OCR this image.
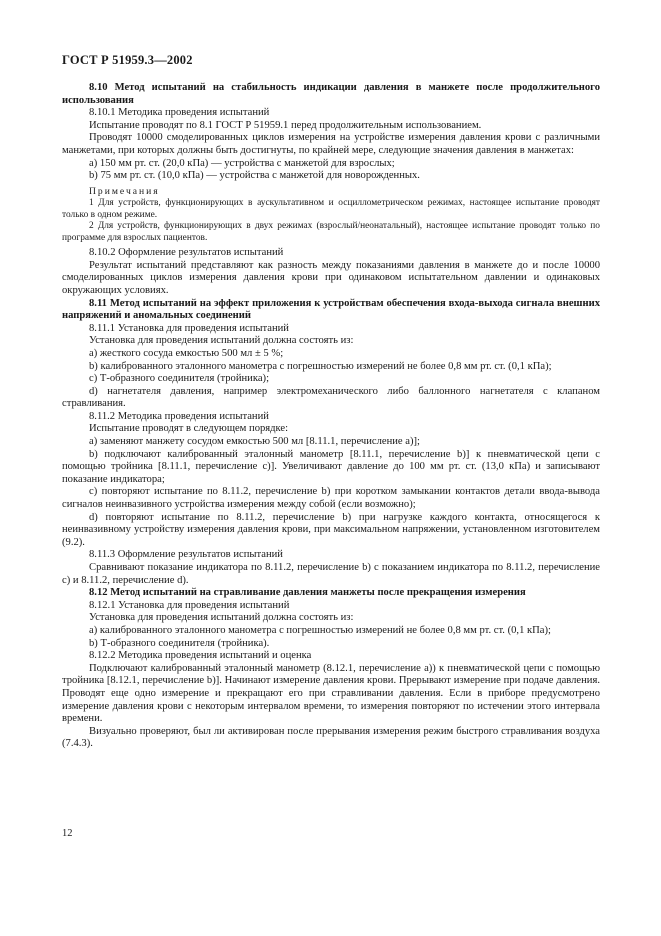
ГОСТ Р 51959.3—2002

8.10 Метод испытаний на стабильность индикации давления в манжете после продолжительного использования

8.10.1 Методика проведения испытаний

Испытание проводят по 8.1 ГОСТ Р 51959.1 перед продолжительным использованием.

Проводят 10000 смоделированных циклов измерения на устройстве измерения давления крови с различными манжетами, при которых должны быть достигнуты, по крайней мере, следующие значения давления в манжетах:

a) 150 мм рт. ст. (20,0 кПа) — устройства с манжетой для взрослых;

b) 75 мм рт. ст. (10,0 кПа) — устройства с манжетой для новорожденных.

Примечания

1 Для устройств, функционирующих в аускультативном и осциллометрическом режимах, настоящее испытание проводят только в одном режиме.

2 Для устройств, функционирующих в двух режимах (взрослый/неонатальный), настоящее испытание проводят только по программе для взрослых пациентов.

8.10.2 Оформление результатов испытаний

Результат испытаний представляют как разность между показаниями давления в манжете до и после 10000 смоделированных циклов измерения давления крови при одинаковом испытательном давлении и одинаковых окружающих условиях.

8.11 Метод испытаний на эффект приложения к устройствам обеспечения входа-выхода сигнала внешних напряжений и аномальных соединений

8.11.1 Установка для проведения испытаний

Установка для проведения испытаний должна состоять из:

a) жесткого сосуда емкостью 500 мл ± 5 %;

b) калиброванного эталонного манометра с погрешностью измерений не более 0,8 мм рт. ст. (0,1 кПа);

c) Т-образного соединителя (тройника);

d) нагнетателя давления, например электромеханического либо баллонного нагнетателя с клапаном стравливания.

8.11.2 Методика проведения испытаний

Испытание проводят в следующем порядке:

a) заменяют манжету сосудом емкостью 500 мл [8.11.1, перечисление а)];

b) подключают калиброванный эталонный манометр [8.11.1, перечисление b)] к пневматической цепи с помощью тройника [8.11.1, перечисление с)]. Увеличивают давление до 100 мм рт. ст. (13,0 кПа) и записывают показание индикатора;

c) повторяют испытание по 8.11.2, перечисление b) при коротком замыкании контактов детали ввода-вывода сигналов неинвазивного устройства измерения между собой (если возможно);

d) повторяют испытание по 8.11.2, перечисление b) при нагрузке каждого контакта, относящегося к неинвазивному устройству измерения давления крови, при максимальном напряжении, установленном изготовителем (9.2).

8.11.3 Оформление результатов испытаний

Сравнивают показание индикатора по 8.11.2, перечисление b) с показанием индикатора по 8.11.2, перечисление с) и 8.11.2, перечисление d).

8.12 Метод испытаний на стравливание давления манжеты после прекращения измерения

8.12.1 Установка для проведения испытаний

Установка для проведения испытаний должна состоять из:

a) калиброванного эталонного манометра с погрешностью измерений не более 0,8 мм рт. ст. (0,1 кПа);

b) Т-образного соединителя (тройника).

8.12.2 Методика проведения испытаний и оценка

Подключают калиброванный эталонный манометр (8.12.1, перечисление а)) к пневматической цепи с помощью тройника [8.12.1, перечисление b)]. Начинают измерение давления крови. Прерывают измерение при подаче давления. Проводят еще одно измерение и прекращают его при стравливании давления. Если в приборе предусмотрено измерение давления крови с некоторым интервалом времени, то измерения повторяют по истечении этого интервала времени.

Визуально проверяют, был ли активирован после прерывания измерения режим быстрого стравливания воздуха (7.4.3).

12
